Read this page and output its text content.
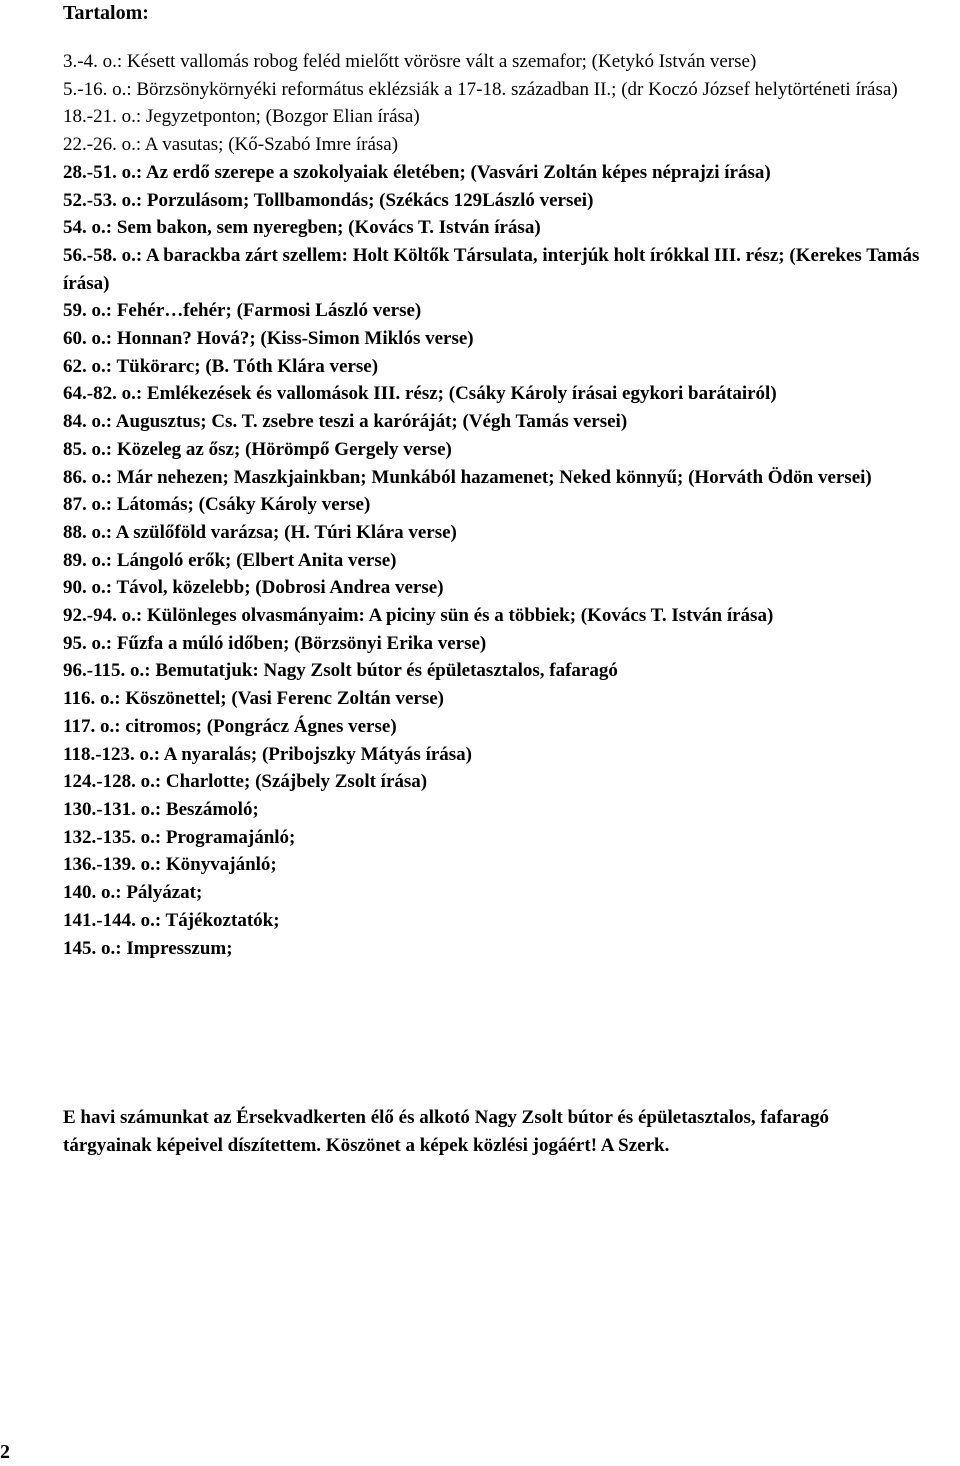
Tartalom:
3.-4. o.: Késett vallomás robog feléd mielőtt vörösre vált a szemafor; (Ketykó István verse)
5.-16. o.: Börzsönykörnyéki református eklézsiák a 17-18. században II.; (dr Koczó József helytörténeti írása)
18.-21. o.: Jegyzetponton; (Bozgor Elian írása)
22.-26. o.: A vasutas; (Kő-Szabó Imre írása)
28.-51. o.: Az erdő szerepe a szokolyaiak életében; (Vasvári Zoltán képes néprajzi írása)
52.-53. o.: Porzulásom; Tollbamondás; (Székács 129László versei)
54. o.: Sem bakon, sem nyeregben; (Kovács T. István írása)
56.-58. o.: A barackba zárt szellem: Holt Költők Társulata, interjúk holt írókkal III. rész; (Kerekes Tamás írása)
59. o.: Fehér…fehér; (Farmosi László verse)
60. o.: Honnan? Hová?; (Kiss-Simon Miklós verse)
62. o.: Tükörarc; (B. Tóth Klára verse)
64.-82. o.: Emlékezések és vallomások III. rész; (Csáky Károly írásai egykori barátairól)
84. o.: Augusztus; Cs. T. zsebre teszi a karóráját; (Végh Tamás versei)
85. o.: Közeleg az ősz; (Hörömpő Gergely verse)
86. o.: Már nehezen; Maszkjainkban; Munkából hazamenet; Neked könnyű; (Horváth Ödön versei)
87. o.: Látomás; (Csáky Károly verse)
88. o.: A szülőföld varázsa; (H. Túri Klára verse)
89. o.: Lángoló erők; (Elbert Anita verse)
90. o.: Távol, közelebb; (Dobrosi Andrea verse)
92.-94. o.: Különleges olvasmányaim: A piciny sün és a többiek; (Kovács T. István írása)
95. o.: Fűzfa a múló időben; (Börzsönyi Erika verse)
96.-115. o.: Bemutatjuk: Nagy Zsolt bútor és épületasztalos, fafaragó
116. o.: Köszönettel; (Vasi Ferenc Zoltán verse)
117. o.: citromos; (Pongrácz Ágnes verse)
118.-123. o.: A nyaralás; (Pribojszky Mátyás írása)
124.-128. o.: Charlotte; (Szájbely Zsolt írása)
130.-131. o.: Beszámoló;
132.-135. o.: Programajánló;
136.-139. o.: Könyvajánló;
140. o.: Pályázat;
141.-144. o.: Tájékoztatók;
145. o.: Impresszum;

E havi számunkat az Érsekvadkerten élő és alkotó Nagy Zsolt bútor és épületasztalos, fafaragó
tárgyainak képeivel díszítettem. Köszönet a képek közlési jogáért! A Szerk.

2
